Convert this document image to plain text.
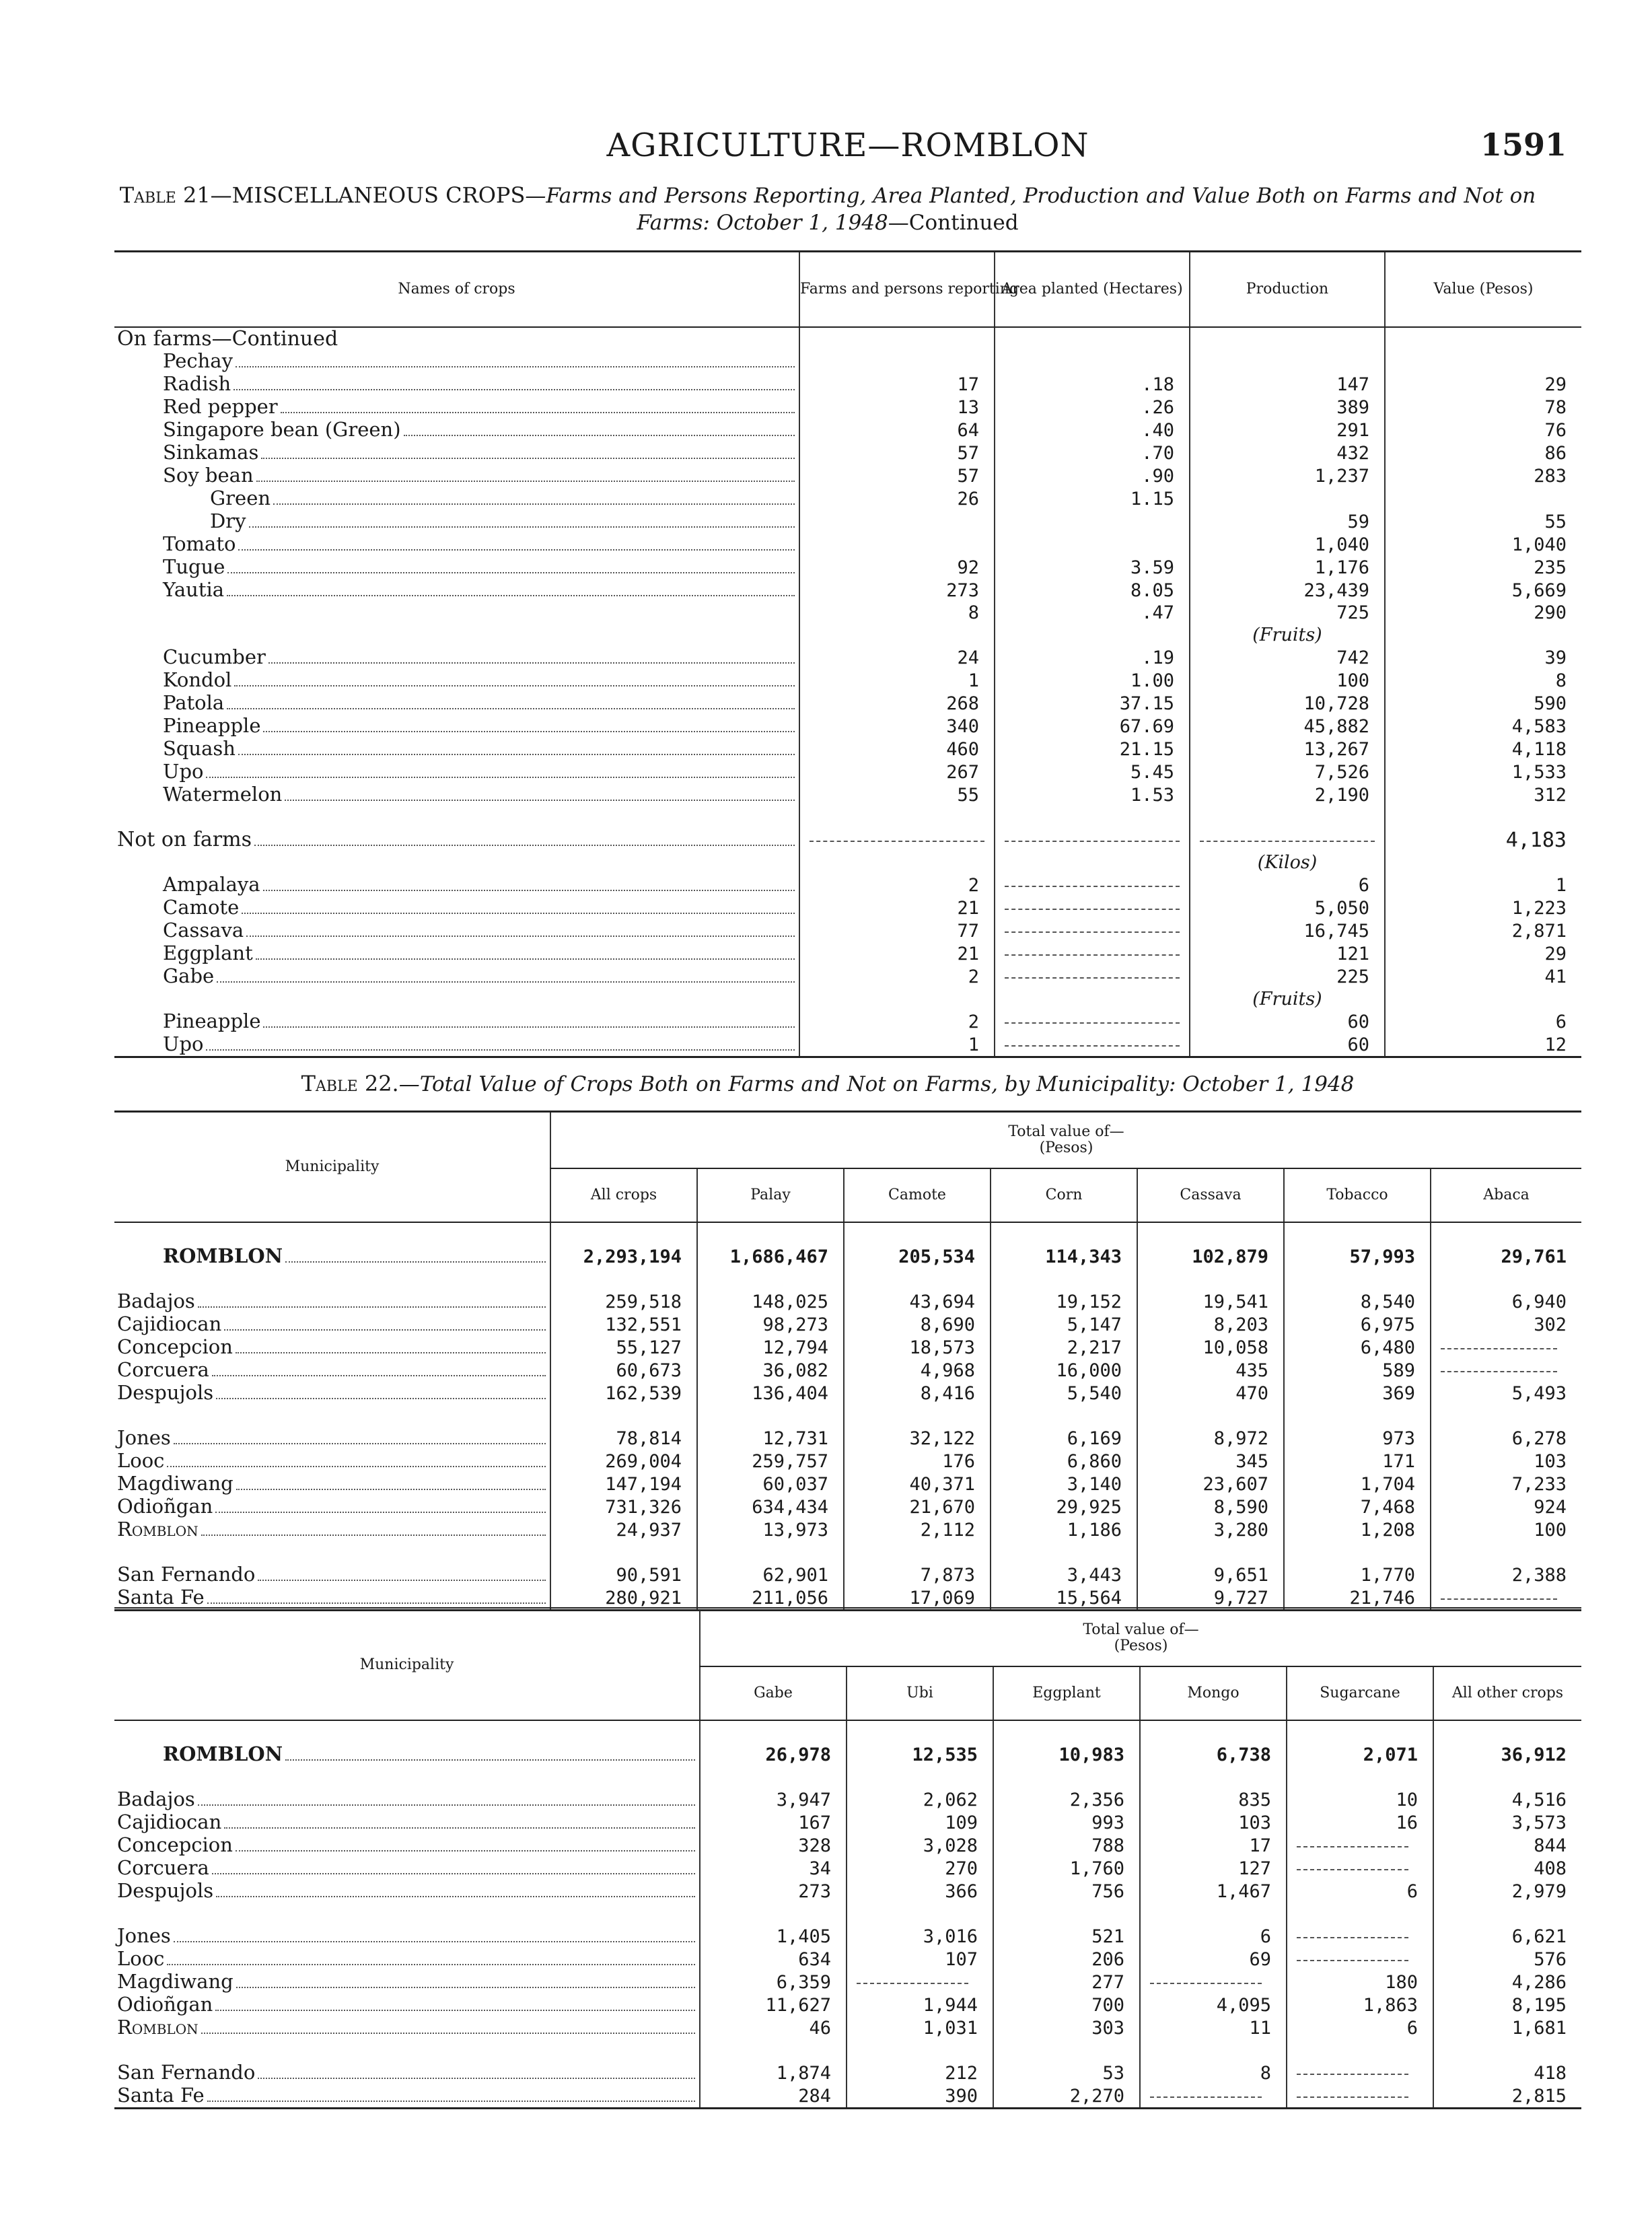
AGRICULTURE—ROMBLON	1591
Table 21—MISCELLANEOUS CROPS—Farms and Persons Reporting, Area Planted, Production and Value Both on Farms and Not on Farms: October 1, 1948—Continued
Names of crops	Farms and persons reporting	Area planted (Hectares)	Production	Value (Pesos)
On farms—Continued				

Pechay				

Radish	17	.18	147	29

Red pepper	13	.26	389	78

Singapore bean (Green)	64	.40	291	76

Sinkamas	57	.70	432	86

Soy bean	57	.90	1,237	283

Green	26	1.15		

Dry			59	55

Tomato			1,040	1,040

Tugue	92	3.59	1,176	235

Yautia	273	8.05	23,439	5,669
	8	.47	725	290
			(Fruits)	

Cucumber	24	.19	742	39

Kondol	1	1.00	100	8

Patola	268	37.15	10,728	590

Pineapple	340	67.69	45,882	4,583

Squash	460	21.15	13,267	4,118

Upo	267	5.45	7,526	1,533

Watermelon	55	1.53	2,190	312

Not on farms				4,183
			(Kilos)	

Ampalaya	2		6	1

Camote	21		5,050	1,223

Cassava	77		16,745	2,871

Eggplant	21		121	29

Gabe	2		225	41
			(Fruits)	

Pineapple	2		60	6

Upo	1		60	12
Table 22.—Total Value of Crops Both on Farms and Not on Farms, by Municipality: October 1, 1948
Municipality	Total value of—
(Pesos)						
	All crops	Palay	Camote	Corn	Cassava	Tobacco	Abaca

ROMBLON	2,293,194	1,686,467	205,534	114,343	102,879	57,993	29,761

Badajos	259,518	148,025	43,694	19,152	19,541	8,540	6,940

Cajidiocan	132,551	98,273	8,690	5,147	8,203	6,975	302

Concepcion	55,127	12,794	18,573	2,217	10,058	6,480	

Corcuera	60,673	36,082	4,968	16,000	435	589	

Despujols	162,539	136,404	8,416	5,540	470	369	5,493

Jones	78,814	12,731	32,122	6,169	8,972	973	6,278

Looc	269,004	259,757	176	6,860	345	171	103

Magdiwang	147,194	60,037	40,371	3,140	23,607	1,704	7,233

Odioñgan	731,326	634,434	21,670	29,925	8,590	7,468	924

Romblon	24,937	13,973	2,112	1,186	3,280	1,208	100

San Fernando	90,591	62,901	7,873	3,443	9,651	1,770	2,388

Santa Fe	280,921	211,056	17,069	15,564	9,727	21,746	
Municipality	Total value of—
(Pesos)					
	Gabe	Ubi	Eggplant	Mongo	Sugarcane	All other crops

ROMBLON	26,978	12,535	10,983	6,738	2,071	36,912

Badajos	3,947	2,062	2,356	835	10	4,516

Cajidiocan	167	109	993	103	16	3,573

Concepcion	328	3,028	788	17		844

Corcuera	34	270	1,760	127		408

Despujols	273	366	756	1,467	6	2,979

Jones	1,405	3,016	521	6		6,621

Looc	634	107	206	69		576

Magdiwang	6,359		277		180	4,286

Odioñgan	11,627	1,944	700	4,095	1,863	8,195

Romblon	46	1,031	303	11	6	1,681

San Fernando	1,874	212	53	8		418

Santa Fe	284	390	2,270			2,815
